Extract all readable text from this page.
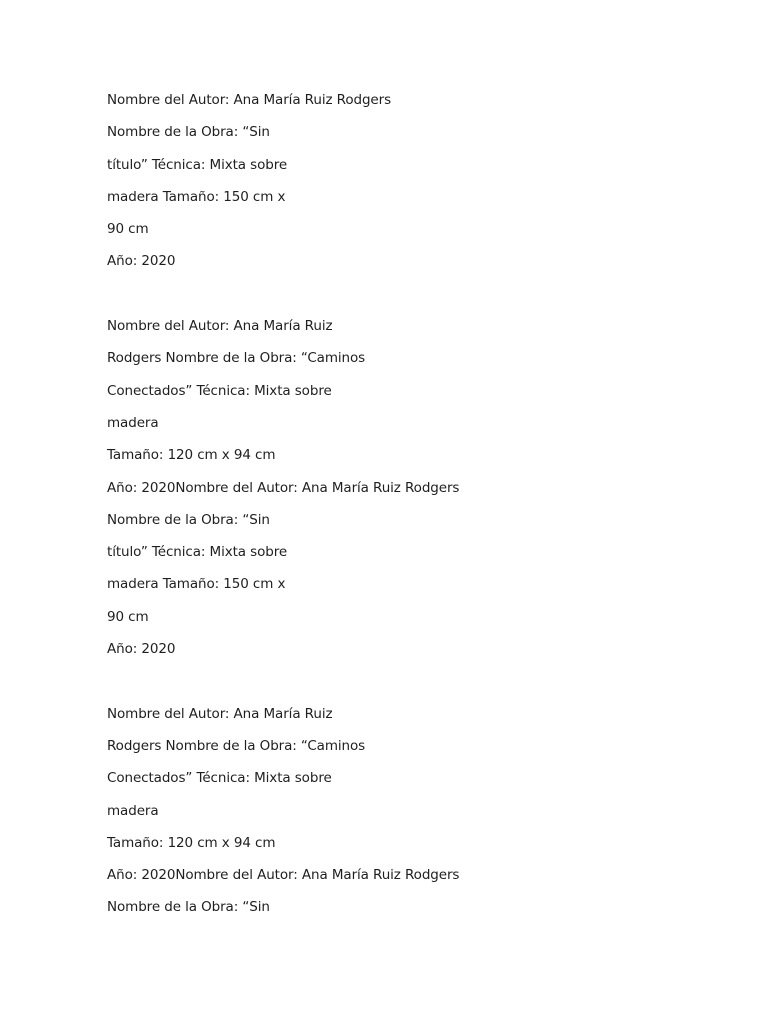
Nombre del Autor: Ana María Ruiz Rodgers
Nombre de la Obra: “Sin
título” Técnica: Mixta sobre
madera Tamaño: 150 cm x
90 cm
Año: 2020
Nombre del Autor: Ana María Ruiz
Rodgers Nombre de la Obra: “Caminos
Conectados” Técnica: Mixta sobre
madera
Tamaño: 120 cm x 94 cm
Año: 2020Nombre del Autor: Ana María Ruiz Rodgers
Nombre de la Obra: “Sin
título” Técnica: Mixta sobre
madera Tamaño: 150 cm x
90 cm
Año: 2020
Nombre del Autor: Ana María Ruiz
Rodgers Nombre de la Obra: “Caminos
Conectados” Técnica: Mixta sobre
madera
Tamaño: 120 cm x 94 cm
Año: 2020Nombre del Autor: Ana María Ruiz Rodgers
Nombre de la Obra: “Sin
